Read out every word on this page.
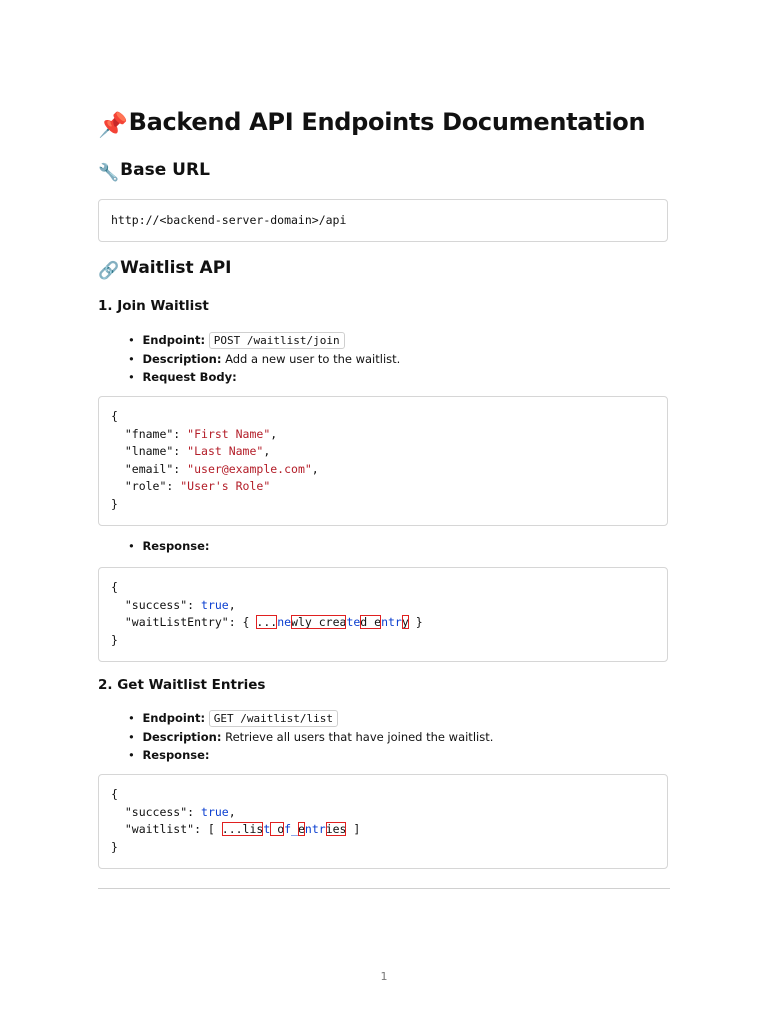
📌Backend API Endpoints Documentation
🔧Base URL
http://<backend-server-domain>/api
🔗Waitlist API
1. Join Waitlist
• Endpoint: POST /waitlist/join
• Description: Add a new user to the waitlist.
• Request Body:
{
"fname": "First Name",
"lname": "Last Name",
"email": "user@example.com",
"role": "User's Role"
}
• Response:
{
"success": true,
"waitListEntry": { ...newly_created_entry }
}
2. Get Waitlist Entries
• Endpoint: GET /waitlist/list
• Description: Retrieve all users that have joined the waitlist.
• Response:
{
"success": true,
"waitlist": [ ...list_of_entries ]
}
1
